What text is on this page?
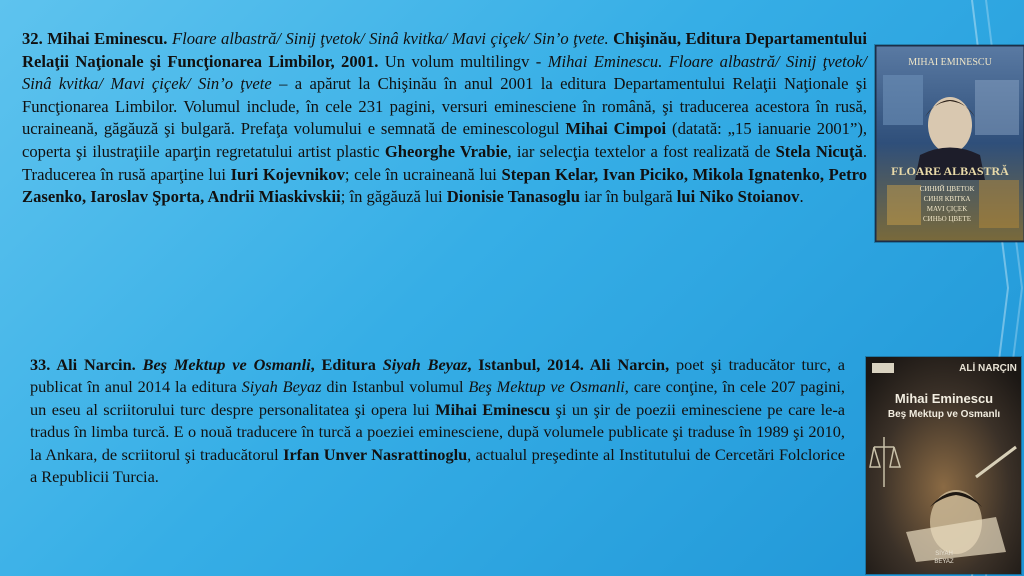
32. Mihai Eminescu. Floare albastră/ Sinij ţvetok/ Sinâ kvitka/ Mavi çiçek/ Sin’o ţvete. Chişinău, Editura Departamentului Relaţii Naţionale şi Funcţionarea Limbilor, 2001. Un volum multilingv - Mihai Eminescu. Floare albastră/ Sinij ţvetok/ Sinâ kvitka/ Mavi çiçek/ Sin’o ţvete – a apărut la Chişinău în anul 2001 la editura Departamentului Relaţii Naţionale şi Funcţionarea Limbilor. Volumul include, în cele 231 pagini, versuri eminesciene în română, şi traducerea acestora în rusă, ucraineană, găgăuză şi bulgară. Prefaţa volumului e semnată de eminescologul Mihai Cimpoi (datată: „15 ianuarie 2001”), coperta şi ilustraţiile aparţin regretatului artist plastic Gheorghe Vrabie, iar selecţia textelor a fost realizată de Stela Nicuţă. Traducerea în rusă aparţine lui Iuri Kojevnikov; cele în ucraineană lui Stepan Kelar, Ivan Piciko, Mikola Ignatenko, Petro Zasenko, Iaroslav Şporta, Andrii Miaskivskii; în găgăuză lui Dionisie Tanasoglu iar în bulgară lui Niko Stoianov.
MIHAI EMINESCU
FLOARE ALBASTRĂ
СИНИЙ ЦВЕТОК
СИНЯ КВІТКА
MAVI ÇIÇEK
СИНЬО ЦВЕТЕ
33. Ali Narcin. Beş Mektup ve Osmanli, Editura Siyah Beyaz, Istanbul, 2014. Ali Narcin, poet şi traducător turc, a publicat în anul 2014 la editura Siyah Beyaz din Istanbul volumul Beş Mektup ve Osmanli, care conţine, în cele 207 pagini, un eseu al scriitorului turc despre personalitatea şi opera lui Mihai Eminescu şi un şir de poezii eminesciene pe care le-a tradus în limba turcă. E o nouă traducere în turcă a poeziei eminesciene, după volumele publicate şi traduse în 1989 şi 2010, la Ankara, de scriitorul şi traducătorul Irfan Unver Nasrattinoglu, actualul preşedinte al Institutului de Cercetări Folclorice a Republicii Turcia.
ALİ NARÇIN
Mihai Eminescu
Beş Mektup ve Osmanlı
SİYAH
BEYAZ
